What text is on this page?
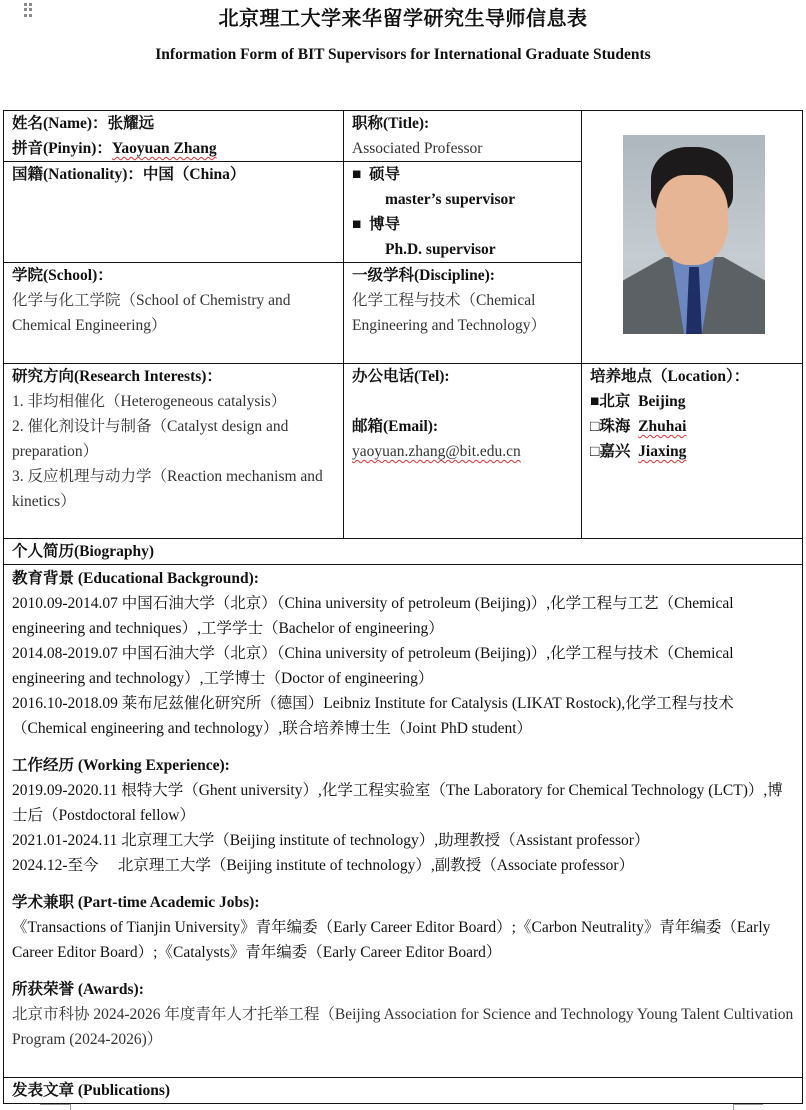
北京理工大学来华留学研究生导师信息表
Information Form of BIT Supervisors for International Graduate Students
姓名(Name)：张耀远
拼音(Pinyin)：Yaoyuan Zhang

职称(Title):
Associated Professor

国籍(Nationality)：中国（China）	■ 硕导
master’s supervisor
■ 博导
Ph.D. supervisor	

学院(School)：
化学与化工学院（School of Chemistry and Chemical Engineering）

一级学科(Discipline):
化学工程与技术（Chemical Engineering and Technology）

研究方向(Research Interests)：
1. 非均相催化（Heterogeneous catalysis）
2. 催化剂设计与制备（Catalyst design and preparation）
3. 反应机理与动力学（Reaction mechanism and kinetics）

办公电话(Tel):
邮箱(Email):
yaoyuan.zhang@bit.edu.cn

培养地点（Location）：
■北京 Beijing
□珠海 Zhuhai
□嘉兴 Jiaxing

个人简历(Biography)		

教育背景 (Educational Background):
2010.09-2014.07 中国石油大学（北京）（China university of petroleum (Beijing)）,化学工程与工艺（Chemical engineering and techniques）,工学学士（Bachelor of engineering）
2014.08-2019.07 中国石油大学（北京）（China university of petroleum (Beijing)）,化学工程与技术（Chemical engineering and technology）,工学博士（Doctor of engineering）
2016.10-2018.09 莱布尼兹催化研究所（德国）Leibniz Institute for Catalysis (LIKAT Rostock),化学工程与技术（Chemical engineering and technology）,联合培养博士生（Joint PhD student）
工作经历 (Working Experience):
2019.09-2020.11 根特大学（Ghent university）,化学工程实验室（The Laboratory for Chemical Technology (LCT)）,博士后（Postdoctoral fellow）
2021.01-2024.11 北京理工大学（Beijing institute of technology）,助理教授（Assistant professor）
2024.12-至今　 北京理工大学（Beijing institute of technology）,副教授（Associate professor）
学术兼职 (Part-time Academic Jobs):
《Transactions of Tianjin University》青年编委（Early Career Editor Board）;《Carbon Neutrality》青年编委（Early Career Editor Board）;《Catalysts》青年编委（Early Career Editor Board）
所获荣誉 (Awards):
北京市科协 2024-2026 年度青年人才托举工程（Beijing Association for Science and Technology Young Talent Cultivation Program (2024-2026)）

发表文章 (Publications)		
